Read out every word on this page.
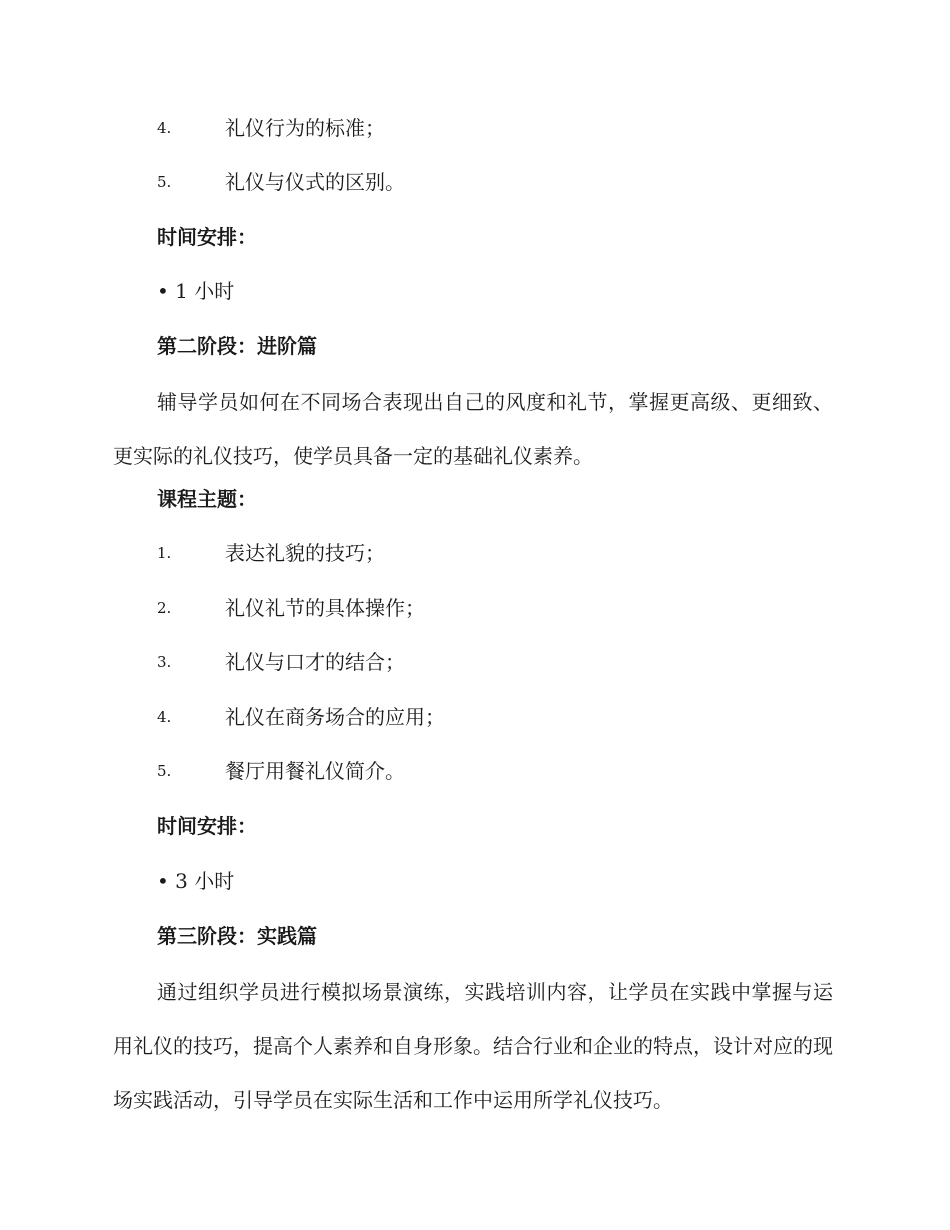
4.	礼仪行为的标准；
5.	礼仪与仪式的区别。
时间安排：
• 1 小时
第二阶段：进阶篇
辅导学员如何在不同场合表现出自己的风度和礼节，掌握更高级、更细致、更实际的礼仪技巧，使学员具备一定的基础礼仪素养。
课程主题：
1.	表达礼貌的技巧；
2.	礼仪礼节的具体操作；
3.	礼仪与口才的结合；
4.	礼仪在商务场合的应用；
5.	餐厅用餐礼仪简介。
时间安排：
• 3 小时
第三阶段：实践篇
通过组织学员进行模拟场景演练，实践培训内容，让学员在实践中掌握与运用礼仪的技巧，提高个人素养和自身形象。结合行业和企业的特点，设计对应的现场实践活动，引导学员在实际生活和工作中运用所学礼仪技巧。
